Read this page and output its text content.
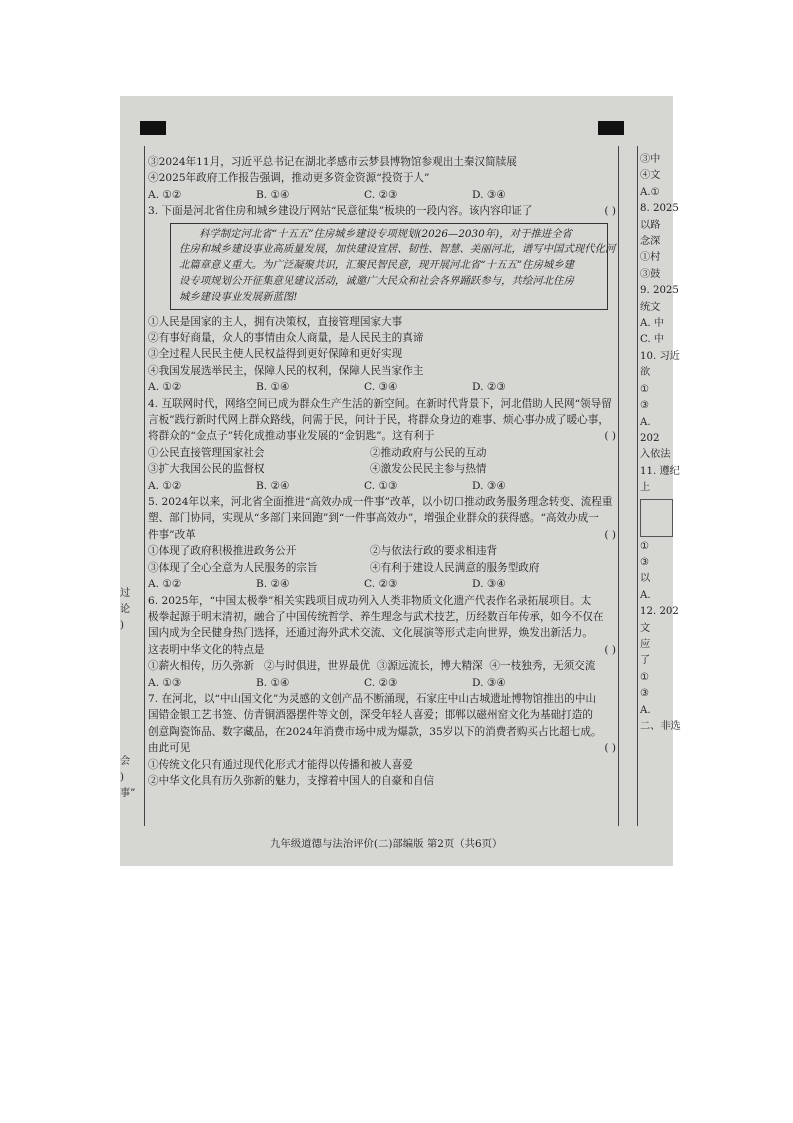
③2024年11月，习近平总书记在湖北孝感市云梦县博物馆参观出土秦汉简牍展
④2025年政府工作报告强调，推动更多资金资源“投资于人”
A. ①②	B. ①④	C. ②③	D. ③④
3. 下面是河北省住房和城乡建设厅网站“民意征集”板块的一段内容。该内容印证了	( )
科学制定河北省“十五五”住房城乡建设专项规划(2026—2030年)，对于推进全省
住房和城乡建设事业高质量发展，加快建设宜居、韧性、智慧、美丽河北，谱写中国式现代化河
北篇章意义重大。为广泛凝聚共识，汇聚民智民意，现开展河北省“十五五”住房城乡建
设专项规划公开征集意见建议活动，诚邀广大民众和社会各界踊跃参与，共绘河北住房
城乡建设事业发展新蓝图!
①人民是国家的主人，拥有决策权，直接管理国家大事
②有事好商量，众人的事情由众人商量，是人民民主的真谛
③全过程人民民主使人民权益得到更好保障和更好实现
④我国发展选举民主，保障人民的权利，保障人民当家作主
A. ①②	B. ①④	C. ③④	D. ②③
4. 互联网时代，网络空间已成为群众生产生活的新空间。在新时代背景下，河北借助人民网“领导留
言板”践行新时代网上群众路线，问需于民，问计于民，将群众身边的难事、烦心事办成了暖心事，
将群众的“金点子”转化成推动事业发展的“金钥匙”。这有利于	( )
①公民直接管理国家社会	②推动政府与公民的互动
③扩大我国公民的监督权	④激发公民民主参与热情
A. ①②	B. ②④	C. ①③	D. ③④
5. 2024年以来，河北省全面推进“高效办成一件事”改革，以小切口推动政务服务理念转变、流程重
塑、部门协同，实现从“多部门来回跑”到“一件事高效办”，增强企业群众的获得感。“高效办成一
件事”改革	( )
①体现了政府积极推进政务公开	②与依法行政的要求相违背
③体现了全心全意为人民服务的宗旨	④有利于建设人民满意的服务型政府
A. ①②	B. ②④	C. ②③	D. ③④
6. 2025年，“中国太极拳”相关实践项目成功列入人类非物质文化遗产代表作名录拓展项目。太
极拳起源于明末清初，融合了中国传统哲学、养生理念与武术技艺，历经数百年传承，如今不仅在
国内成为全民健身热门选择，还通过海外武术交流、文化展演等形式走向世界，焕发出新活力。
这表明中华文化的特点是	( )
①薪火相传，历久弥新 ②与时俱进，世界最优 ③源远流长，博大精深 ④一枝独秀，无须交流
A. ①③	B. ①④	C. ②③	D. ③④
7. 在河北，以“中山国文化”为灵感的文创产品不断涌现，石家庄中山古城遗址博物馆推出的中山
国错金银工艺书签、仿青铜酒器摆件等文创，深受年轻人喜爱；邯郸以磁州窑文化为基础打造的
创意陶瓷饰品、数字藏品，在2024年消费市场中成为爆款，35岁以下的消费者购买占比超七成。
由此可见	( )
①传统文化只有通过现代化形式才能得以传播和被人喜爱
②中华文化具有历久弥新的魅力，支撑着中国人的自豪和自信
九年级道德与法治评价(二)部编版 第2页（共6页）
③中
④文
A.①
8. 2025
以路
念深
①村
③鼓
9. 2025
统文
A. 中
C. 中
10. 习近
欲
①
③
A.
202
入依法
11. 遵纪
上
①
③
以
A.
12. 202
文
应
了
①
③
A.
二、非选
过
论
)
会
)
事”
